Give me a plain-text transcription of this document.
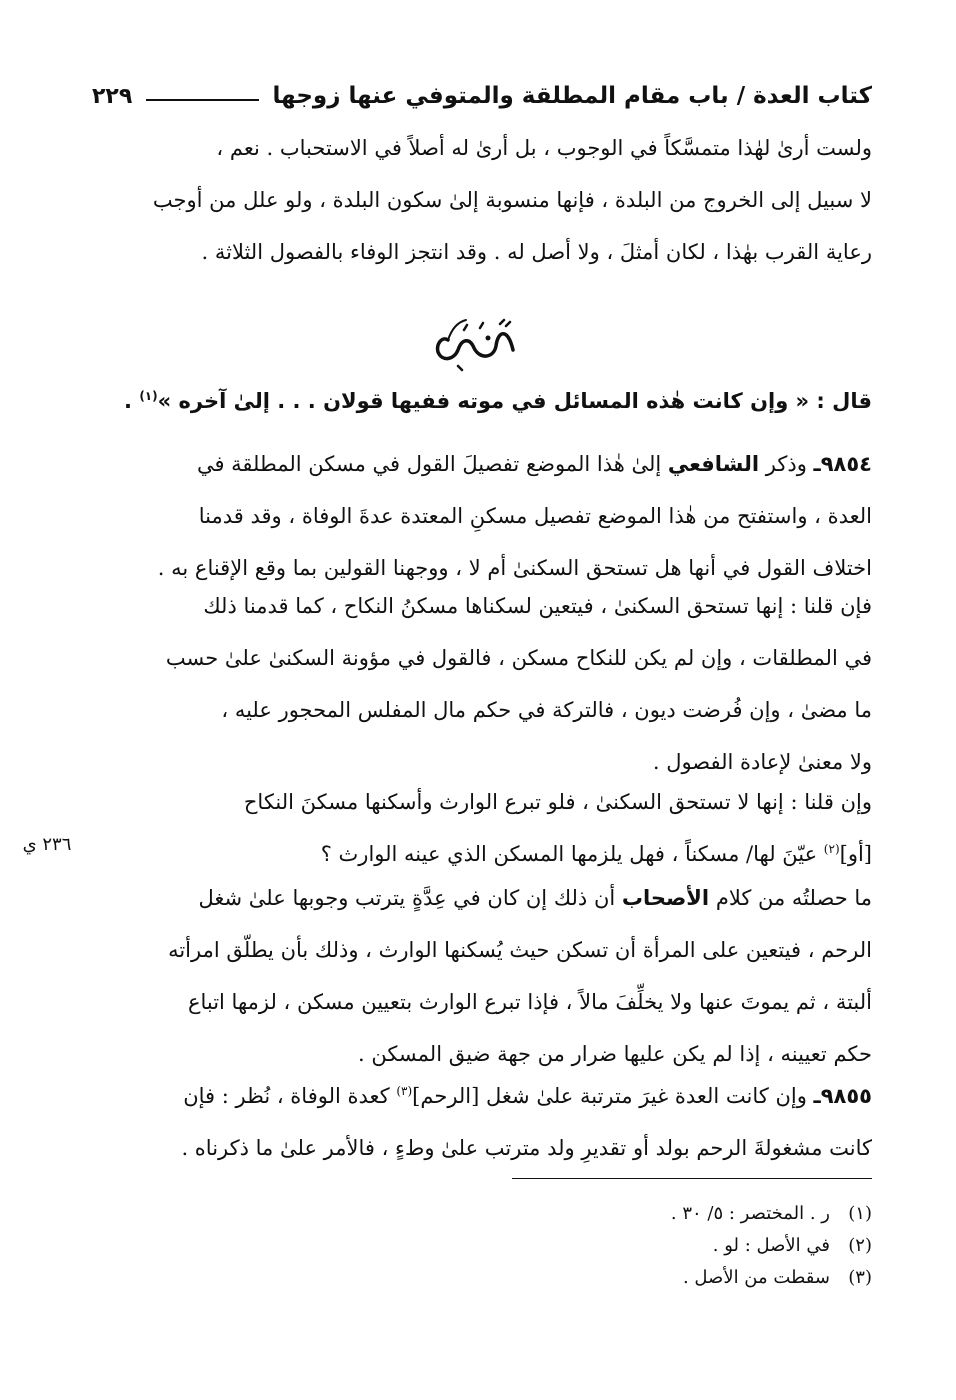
كتاب العدة / باب مقام المطلقة والمتوفي عنها زوجها
٢٢٩

ولست أرىٰ لهٰذا متمسَّكاً في الوجوب ، بل أرىٰ له أصلاً في الاستحباب . نعم ،

لا سبيل إلى الخروج من البلدة ، فإنها منسوبة إلىٰ سكون البلدة ، ولو علل من أوجب

رعاية القرب بهٰذا ، لكان أمثلَ ، ولا أصل له . وقد انتجز الوفاء بالفصول الثلاثة .

قال : « وإن كانت هٰذه المسائل في موته ففيها قولان . . . إلىٰ آخره »$^{(١)}$ .

٩٨٥٤ـ وذكر الشافعي إلىٰ هٰذا الموضع تفصيلَ القول في مسكن المطلقة في

العدة ، واستفتح من هٰذا الموضع تفصيل مسكنِ المعتدة عدةَ الوفاة ، وقد قدمنا

اختلاف القول في أنها هل تستحق السكنىٰ أم لا ، ووجهنا القولين بما وقع الإقناع به .

فإن قلنا : إنها تستحق السكنىٰ ، فيتعين لسكناها مسكنُ النكاح ، كما قدمنا ذلك

في المطلقات ، وإن لم يكن للنكاح مسكن ، فالقول في مؤونة السكنىٰ علىٰ حسب

ما مضىٰ ، وإن فُرضت ديون ، فالتركة في حكم مال المفلس المحجور عليه ،

ولا معنىٰ لإعادة الفصول .

وإن قلنا : إنها لا تستحق السكنىٰ ، فلو تبرع الوارث وأسكنها مسكنَ النكاح

[أو]$^{(٢)}$ عيّنَ لها/ مسكناً ، فهل يلزمها المسكن الذي عينه الوارث ؟

٢٣٦ ي

ما حصلتُه من كلام الأصحاب أن ذلك إن كان في عِدَّةٍ يترتب وجوبها علىٰ شغل

الرحم ، فيتعين على المرأة أن تسكن حيث يُسكنها الوارث ، وذلك بأن يطلّق امرأته

ألبتة ، ثم يموتَ عنها ولا يخلِّفَ مالاً ، فإذا تبرع الوارث بتعيين مسكن ، لزمها اتباع

حكم تعيينه ، إذا لم يكن عليها ضرار من جهة ضيق المسكن .

٩٨٥٥ـ وإن كانت العدة غيرَ مترتبة علىٰ شغل [الرحم]$^{(٣)}$ كعدة الوفاة ، نُظر : فإن

كانت مشغولةَ الرحم بولد أو تقديرِ ولد مترتب علىٰ وطءٍ ، فالأمر علىٰ ما ذكرناه .

(١)
ر . المختصر : ٥/ ٣٠ .
(٢)
في الأصل : لو .
(٣)
سقطت من الأصل .
